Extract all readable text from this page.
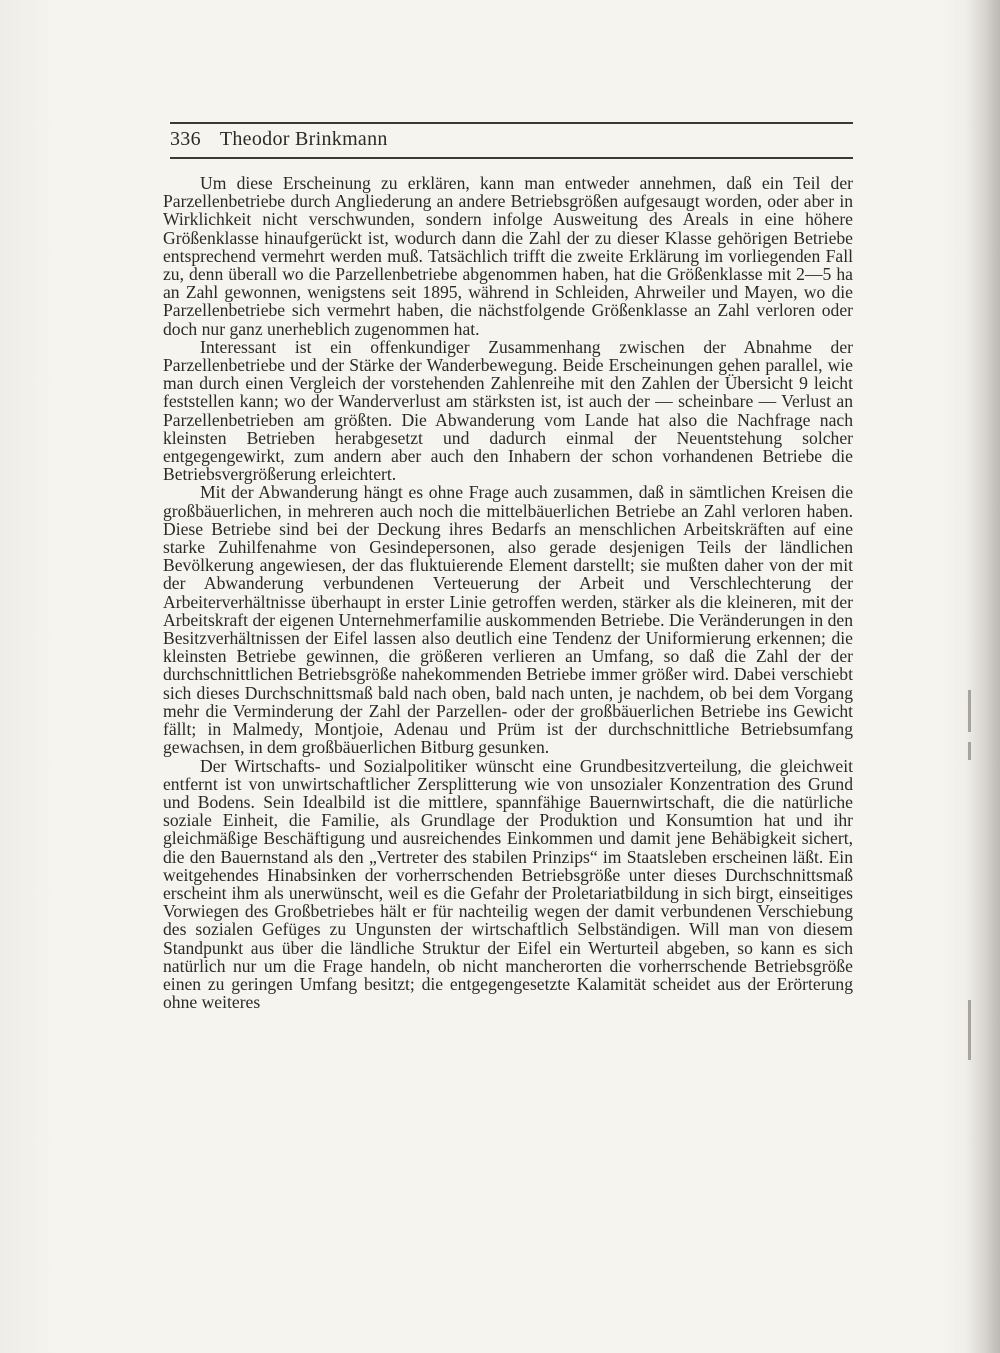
336 Theodor Brinkmann

Um diese Erscheinung zu erklären, kann man entweder annehmen, daß ein Teil der Parzellenbetriebe durch Angliederung an andere Betriebsgrößen aufgesaugt worden, oder aber in Wirklichkeit nicht verschwunden, sondern infolge Ausweitung des Areals in eine höhere Größenklasse hinaufgerückt ist, wodurch dann die Zahl der zu dieser Klasse gehörigen Betriebe entsprechend vermehrt werden muß. Tatsächlich trifft die zweite Erklärung im vorliegenden Fall zu, denn überall wo die Parzellenbetriebe abgenommen haben, hat die Größenklasse mit 2—5 ha an Zahl gewonnen, wenigstens seit 1895, während in Schleiden, Ahrweiler und Mayen, wo die Parzellenbetriebe sich vermehrt haben, die nächstfolgende Größenklasse an Zahl verloren oder doch nur ganz unerheblich zugenommen hat.

Interessant ist ein offenkundiger Zusammenhang zwischen der Abnahme der Parzellenbetriebe und der Stärke der Wanderbewegung. Beide Erscheinungen gehen parallel, wie man durch einen Vergleich der vorstehenden Zahlenreihe mit den Zahlen der Übersicht 9 leicht feststellen kann; wo der Wanderverlust am stärksten ist, ist auch der — scheinbare — Verlust an Parzellenbetrieben am größten. Die Abwanderung vom Lande hat also die Nachfrage nach kleinsten Betrieben herabgesetzt und dadurch einmal der Neuentstehung solcher entgegengewirkt, zum andern aber auch den Inhabern der schon vorhandenen Betriebe die Betriebsvergrößerung erleichtert.

Mit der Abwanderung hängt es ohne Frage auch zusammen, daß in sämtlichen Kreisen die großbäuerlichen, in mehreren auch noch die mittelbäuerlichen Betriebe an Zahl verloren haben. Diese Betriebe sind bei der Deckung ihres Bedarfs an menschlichen Arbeitskräften auf eine starke Zuhilfenahme von Gesindepersonen, also gerade desjenigen Teils der ländlichen Bevölkerung angewiesen, der das fluktuierende Element darstellt; sie mußten daher von der mit der Abwanderung verbundenen Verteuerung der Arbeit und Verschlechterung der Arbeiterverhältnisse überhaupt in erster Linie getroffen werden, stärker als die kleineren, mit der Arbeitskraft der eigenen Unternehmerfamilie auskommenden Betriebe. Die Veränderungen in den Besitzverhältnissen der Eifel lassen also deutlich eine Tendenz der Uniformierung erkennen; die kleinsten Betriebe gewinnen, die größeren verlieren an Umfang, so daß die Zahl der der durchschnittlichen Betriebsgröße nahekommenden Betriebe immer größer wird. Dabei verschiebt sich dieses Durchschnittsmaß bald nach oben, bald nach unten, je nachdem, ob bei dem Vorgang mehr die Verminderung der Zahl der Parzellen- oder der großbäuerlichen Betriebe ins Gewicht fällt; in Malmedy, Montjoie, Adenau und Prüm ist der durchschnittliche Betriebsumfang gewachsen, in dem großbäuerlichen Bitburg gesunken.

Der Wirtschafts- und Sozialpolitiker wünscht eine Grundbesitzverteilung, die gleichweit entfernt ist von unwirtschaftlicher Zersplitterung wie von unsozialer Konzentration des Grund und Bodens. Sein Idealbild ist die mittlere, spannfähige Bauernwirtschaft, die die natürliche soziale Einheit, die Familie, als Grundlage der Produktion und Konsumtion hat und ihr gleichmäßige Beschäftigung und ausreichendes Einkommen und damit jene Behäbigkeit sichert, die den Bauernstand als den „Vertreter des stabilen Prinzips“ im Staatsleben erscheinen läßt. Ein weitgehendes Hinabsinken der vorherrschenden Betriebsgröße unter dieses Durchschnittsmaß erscheint ihm als unerwünscht, weil es die Gefahr der Proletariatbildung in sich birgt, einseitiges Vorwiegen des Großbetriebes hält er für nachteilig wegen der damit verbundenen Verschiebung des sozialen Gefüges zu Ungunsten der wirtschaftlich Selbständigen. Will man von diesem Standpunkt aus über die ländliche Struktur der Eifel ein Werturteil abgeben, so kann es sich natürlich nur um die Frage handeln, ob nicht mancherorten die vorherrschende Betriebsgröße einen zu geringen Umfang besitzt; die entgegengesetzte Kalamität scheidet aus der Erörterung ohne weiteres
